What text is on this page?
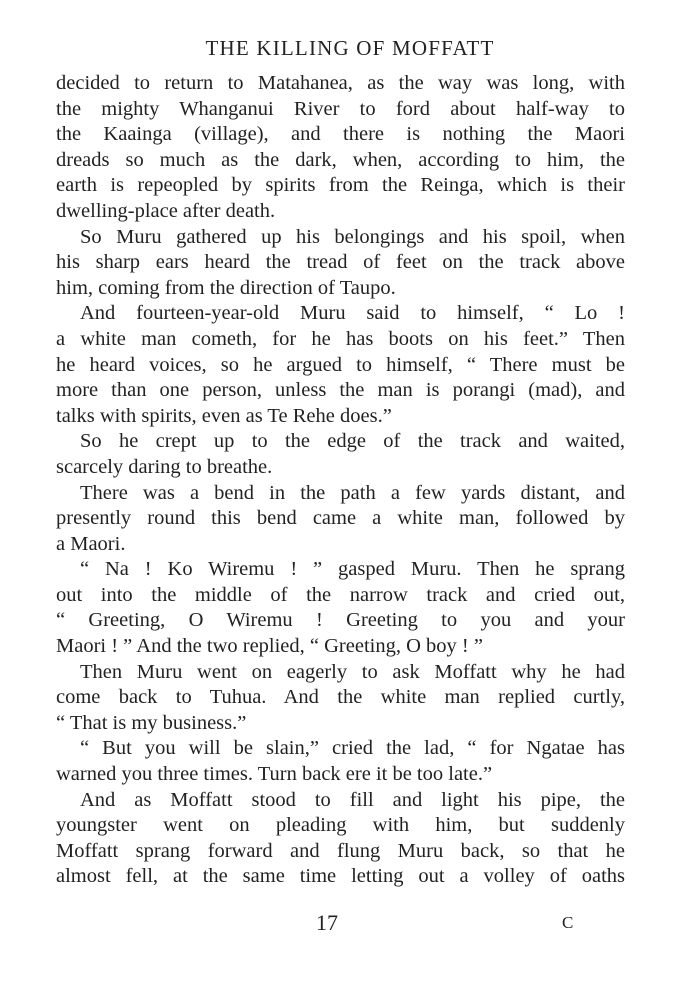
THE KILLING OF MOFFATT

decided to return to Matahanea, as the way was long, with
the mighty Whanganui River to ford about half-way to
the Kaainga (village), and there is nothing the Maori
dreads so much as the dark, when, according to him, the
earth is repeopled by spirits from the Reinga, which is their
dwelling-place after death.

So Muru gathered up his belongings and his spoil, when
his sharp ears heard the tread of feet on the track above
him, coming from the direction of Taupo.

And fourteen-year-old Muru said to himself, “ Lo !
a white man cometh, for he has boots on his feet.” Then
he heard voices, so he argued to himself, “ There must be
more than one person, unless the man is porangi (mad), and
talks with spirits, even as Te Rehe does.”

So he crept up to the edge of the track and waited,
scarcely daring to breathe.

There was a bend in the path a few yards distant, and
presently round this bend came a white man, followed by
a Maori.

“ Na ! Ko Wiremu ! ” gasped Muru. Then he sprang
out into the middle of the narrow track and cried out,
“ Greeting, O Wiremu ! Greeting to you and your
Maori ! ” And the two replied, “ Greeting, O boy ! ”

Then Muru went on eagerly to ask Moffatt why he had
come back to Tuhua. And the white man replied curtly,
“ That is my business.”

“ But you will be slain,” cried the lad, “ for Ngatae has
warned you three times. Turn back ere it be too late.”

And as Moffatt stood to fill and light his pipe, the
youngster went on pleading with him, but suddenly
Moffatt sprang forward and flung Muru back, so that he
almost fell, at the same time letting out a volley of oaths

17	C
